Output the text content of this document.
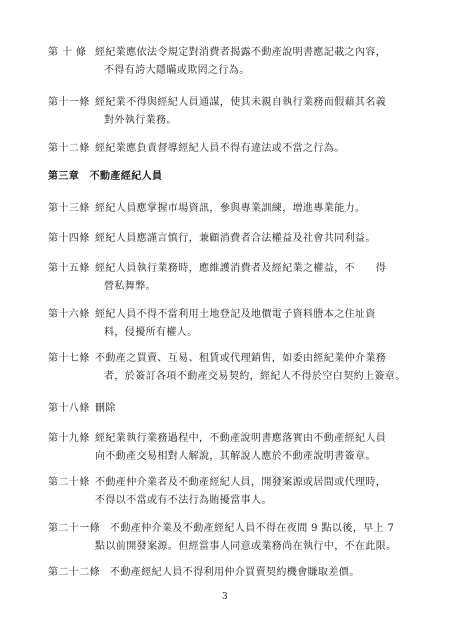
第 十 條 經紀業應依法令規定對消費者揭露不動產說明書應記載之內容，
不得有誇大隱瞞或欺罔之行為。
第十一條 經紀業不得與經紀人員通謀，使其未親自執行業務而假藉其名義
對外執行業務。
第十二條 經紀業應負責督導經紀人員不得有違法或不當之行為。
第三章　不動產經紀人員
第十三條 經紀人員應掌握市場資訊，參與專業訓練，增進專業能力。
第十四條 經紀人員應謹言慎行，兼顧消費者合法權益及社會共同利益。
第十五條 經紀人員執行業務時，應維護消費者及經紀業之權益，不　　得
營私舞弊。
第十六條 經紀人員不得不當利用土地登記及地價電子資料謄本之住址資
料，侵擾所有權人。
第十七條 不動產之買賣、互易、租賃或代理銷售，如委由經紀業仲介業務
者，於簽訂各項不動產交易契約，經紀人不得於空白契約上簽章。
第十八條 刪除
第十九條 經紀業執行業務過程中，不動產說明書應落實由不動產經紀人員
向不動產交易相對人解說，其解說人應於不動產說明書簽章。
第二十條 不動產仲介業者及不動產經紀人員，開發案源或居間或代理時，
不得以不當或有不法行為賄擾當事人。
第二十一條 不動產仲介業及不動產經紀人員不得在夜間 9 點以後，早上 7
點以前開發案源。但經當事人同意或業務尚在執行中，不在此限。
第二十二條 不動產經紀人員不得利用仲介買賣契約機會賺取差價。
3
